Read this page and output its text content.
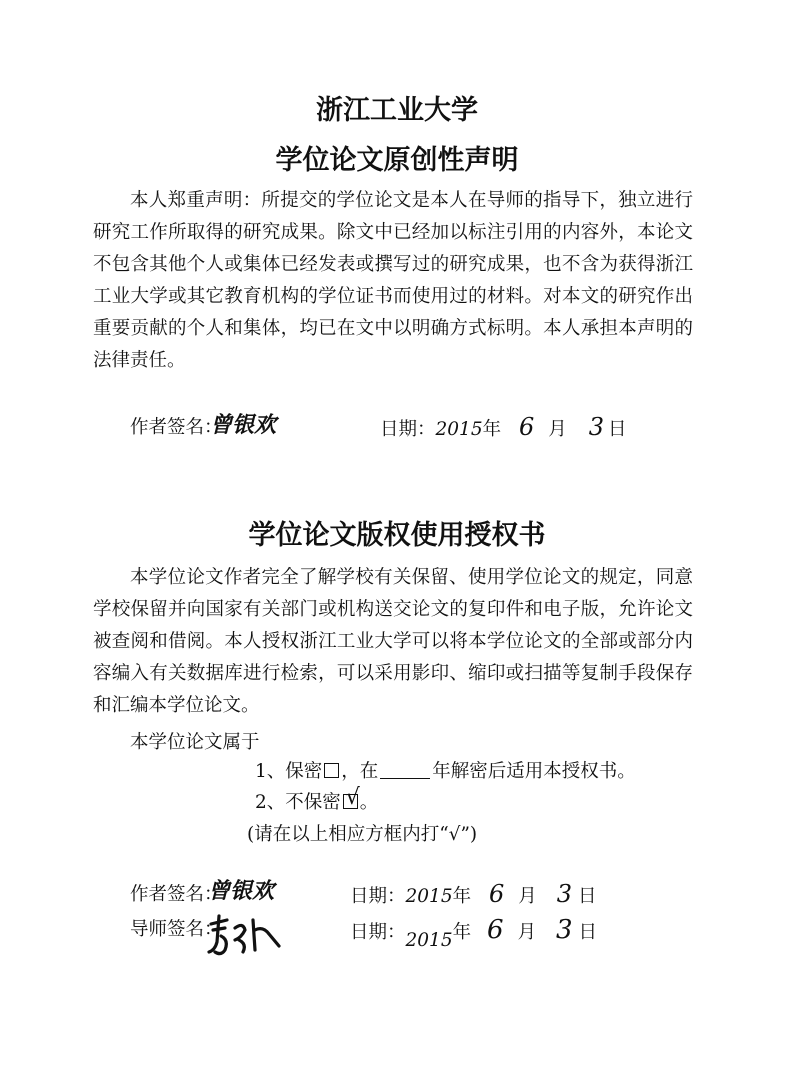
浙江工业大学
学位论文原创性声明
本人郑重声明：所提交的学位论文是本人在导师的指导下，独立进行研究工作所取得的研究成果。除文中已经加以标注引用的内容外，本论文不包含其他个人或集体已经发表或撰写过的研究成果，也不含为获得浙江工业大学或其它教育机构的学位证书而使用过的材料。对本文的研究作出重要贡献的个人和集体，均已在文中以明确方式标明。本人承担本声明的法律责任。
作者签名：
曾银欢	日期：2015年 6 月 3 日
学位论文版权使用授权书
本学位论文作者完全了解学校有关保留、使用学位论文的规定，同意学校保留并向国家有关部门或机构送交论文的复印件和电子版，允许论文被查阅和借阅。本人授权浙江工业大学可以将本学位论文的全部或部分内容编入有关数据库进行检索，可以采用影印、缩印或扫描等复制手段保存和汇编本学位论文。
本学位论文属于
1、保密 ，在	年解密后适用本授权书。
2、不保密 √ 。
(请在以上相应方框内打“√”)
作者签名：
曾银欢	日期：2015年 6 月 3 日
导师签名：	日期：2015年 6 月 3 日
